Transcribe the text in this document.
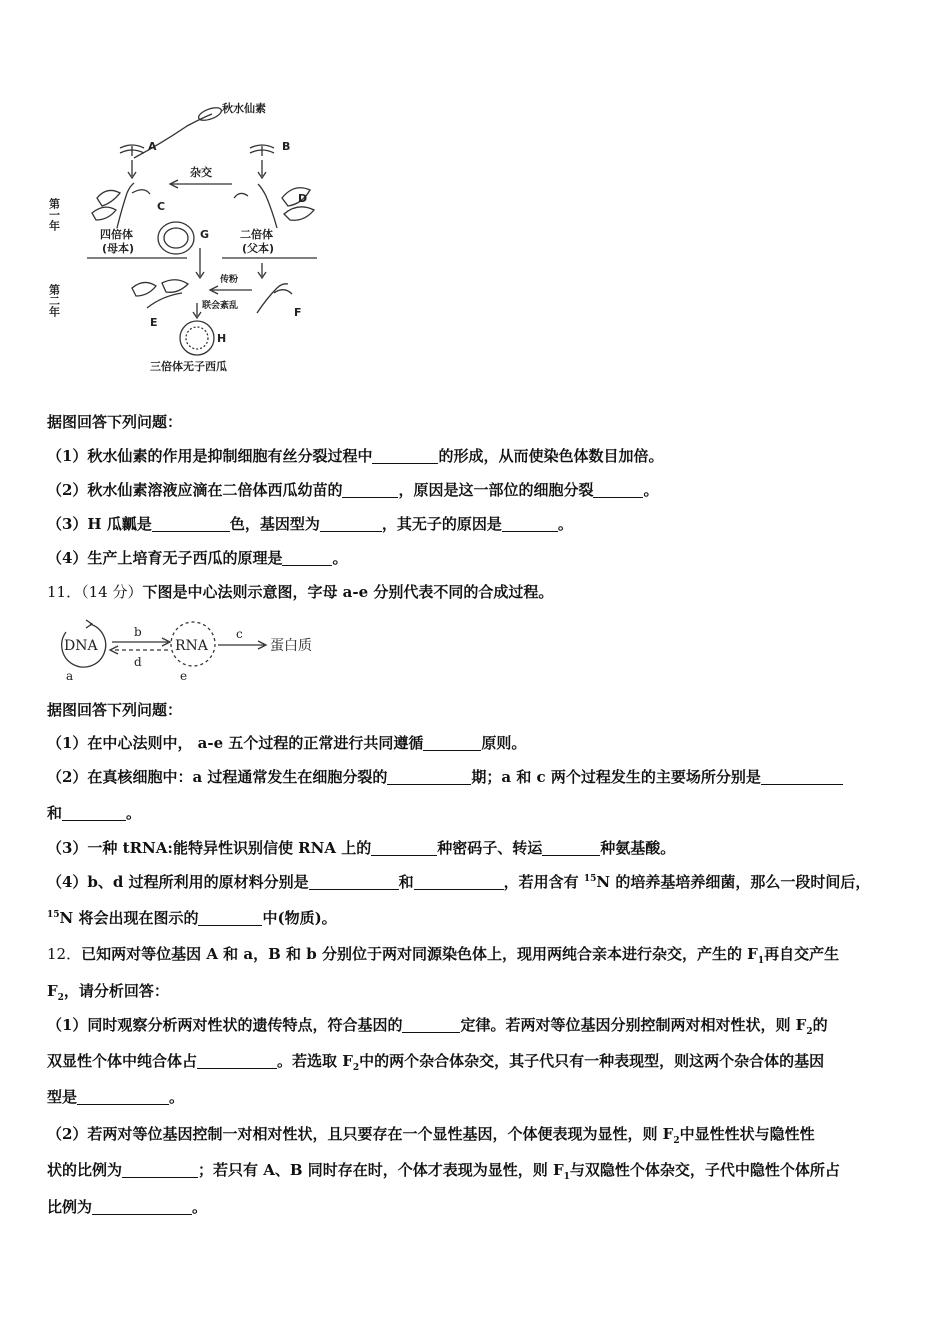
秋水仙素
A	B
杂交
C
D
G
四倍体
(母本)
二倍体
(父本)
传粉
联会紊乱
E
F
H
三倍体无子西瓜
第一年
第二年
据图回答下列问题：
（1）秋水仙素的作用是抑制细胞有丝分裂过程中	的形成，从而使染色体数目加倍。
（2）秋水仙素溶液应滴在二倍体西瓜幼苗的	，原因是这一部位的细胞分裂	。
（3）H 瓜瓤是	色，基因型为	，其无子的原因是	。
（4）生产上培育无子西瓜的原理是	。
11．（14 分）下图是中心法则示意图，字母 a-e 分别代表不同的合成过程。
DNA	RNA	蛋白质
a
b	c
d
e
据图回答下列问题：
（1）在中心法则中， a-e 五个过程的正常进行共同遵循	原则。
（2）在真核细胞中：a 过程通常发生在细胞分裂的	期；a 和 c 两个过程发生的主要场所分别是
和	。
（3）一种 tRNA:能特异性识别信使 RNA 上的	种密码子、转运	种氨基酸。
（4）b、d 过程所利用的原材料分别是	和	，若用含有 $^{15}$N 的培养基培养细菌，那么一段时间后，
$^{15}$N 将会出现在图示的	中(物质)。
12．已知两对等位基因 A 和 a，B 和 b 分别位于两对同源染色体上，现用两纯合亲本进行杂交，产生的 $F_1$再自交产生
$F_2$，请分析回答：
（1）同时观察分析两对性状的遗传特点，符合基因的	定律。若两对等位基因分别控制两对相对性状，则 $F_2$的
双显性个体中纯合体占	。若选取 $F_2$中的两个杂合体杂交，其子代只有一种表现型，则这两个杂合体的基因
型是	。
（2）若两对等位基因控制一对相对性状，且只要存在一个显性基因，个体便表现为显性，则 $F_2$中显性性状与隐性性
状的比例为	；若只有 A、B 同时存在时，个体才表现为显性，则 $F_1$与双隐性个体杂交，子代中隐性个体所占
比例为	。
